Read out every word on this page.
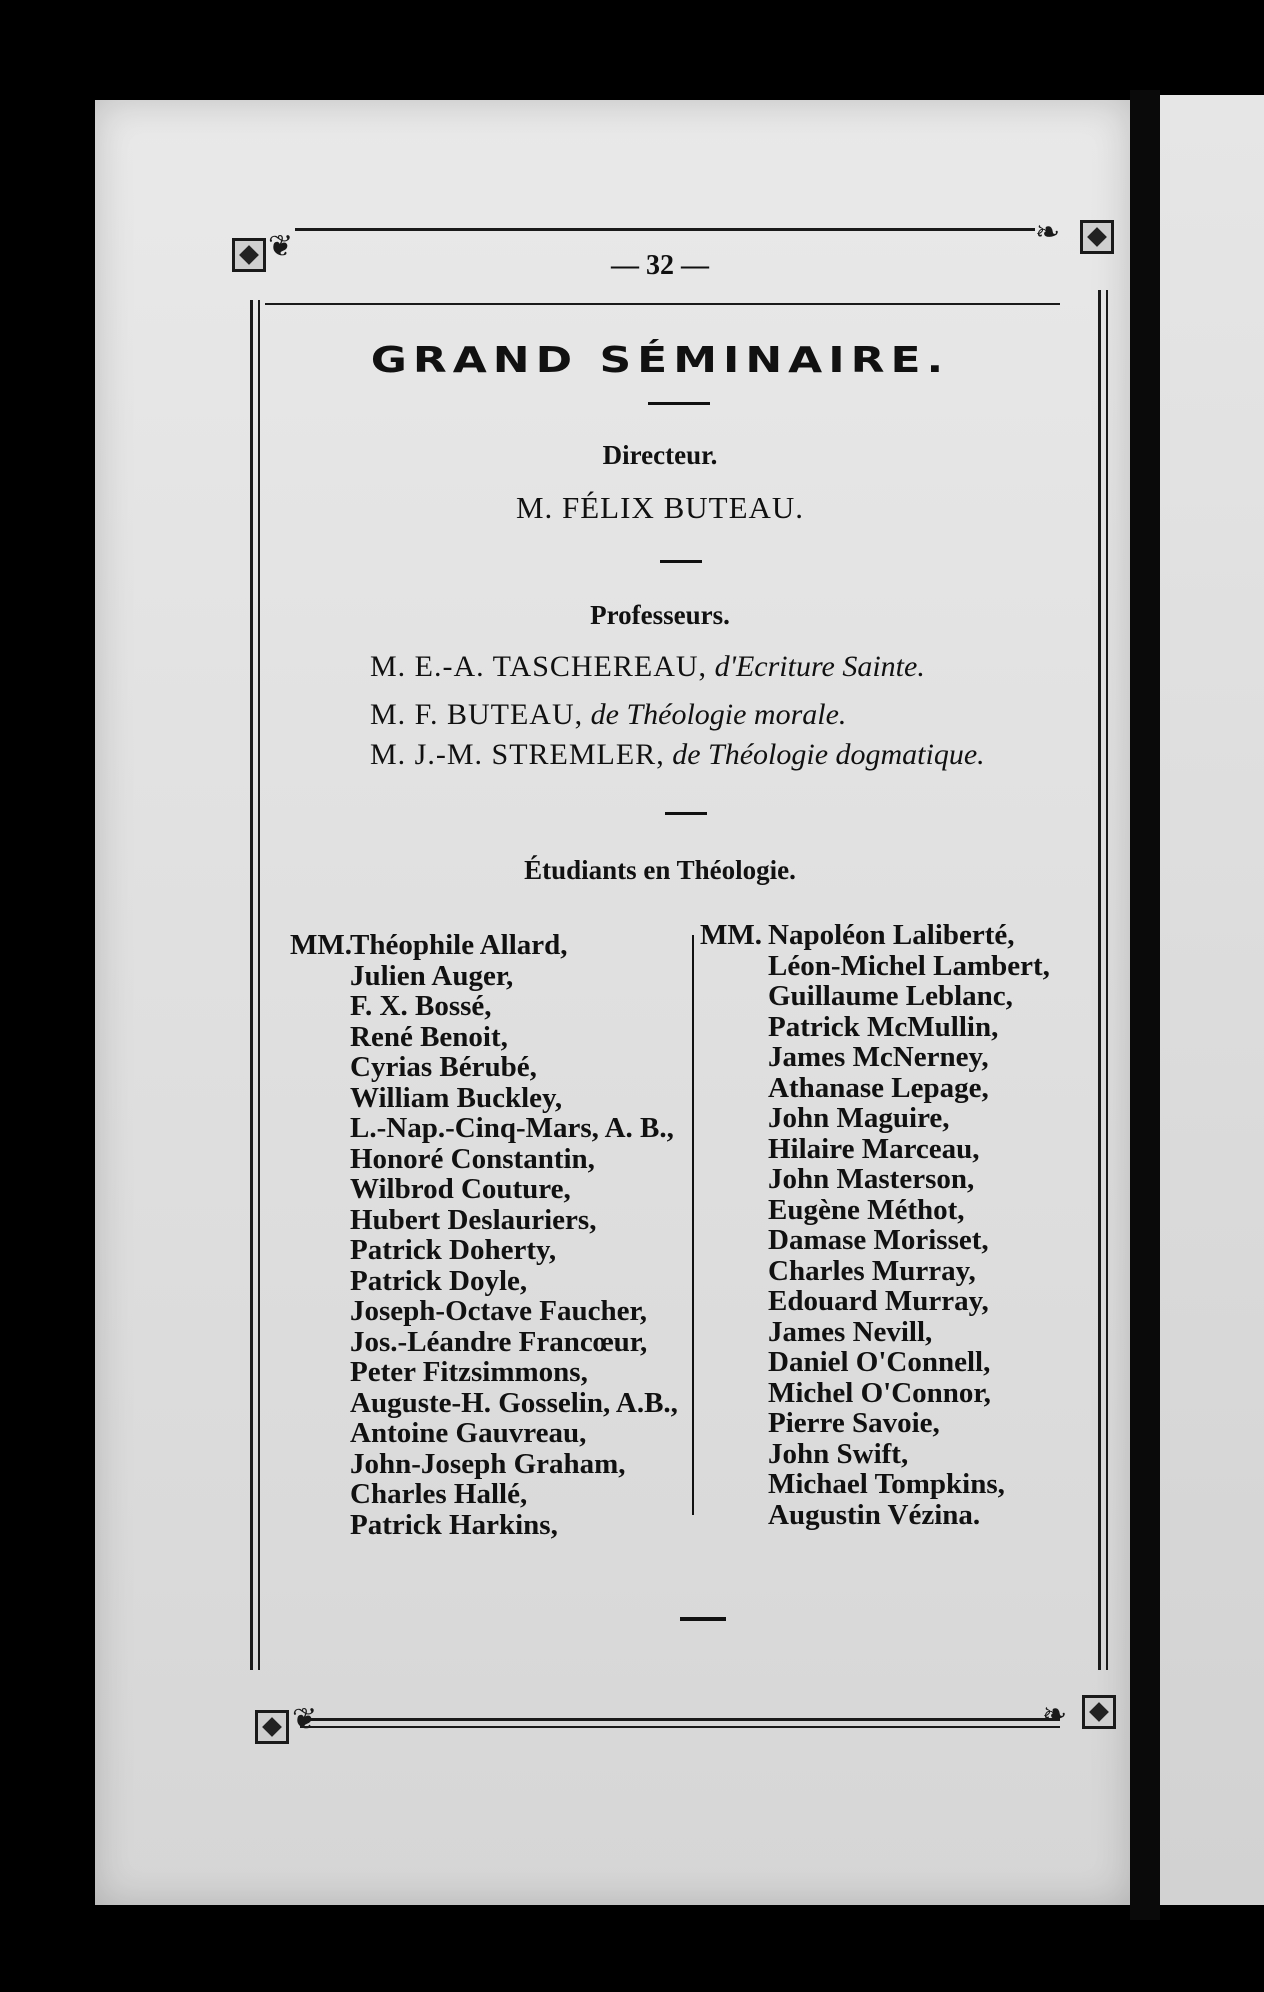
❦	❧
❦	❧
— 32 —
GRAND SÉMINAIRE.
Directeur.
M. FÉLIX BUTEAU.
Professeurs.
M. E.-A. TASCHEREAU, d'Ecriture Sainte.
M. F. BUTEAU, de Théologie morale.
M. J.-M. STREMLER, de Théologie dogmatique.
Étudiants en Théologie.
MM.
Théophile Allard,
Julien Auger,
F. X. Bossé,
René Benoit,
Cyrias Bérubé,
William Buckley,
L.-Nap.-Cinq-Mars, A. B.,
Honoré Constantin,
Wilbrod Couture,
Hubert Deslauriers,
Patrick Doherty,
Patrick Doyle,
Joseph-Octave Faucher,
Jos.-Léandre Francœur,
Peter Fitzsimmons,
Auguste-H. Gosselin, A.B.,
Antoine Gauvreau,
John-Joseph Graham,
Charles Hallé,
Patrick Harkins,
MM. Napoléon Laliberté,
Léon-Michel Lambert,
Guillaume Leblanc,
Patrick McMullin,
James McNerney,
Athanase Lepage,
John Maguire,
Hilaire Marceau,
John Masterson,
Eugène Méthot,
Damase Morisset,
Charles Murray,
Edouard Murray,
James Nevill,
Daniel O'Connell,
Michel O'Connor,
Pierre Savoie,
John Swift,
Michael Tompkins,
Augustin Vézina.
